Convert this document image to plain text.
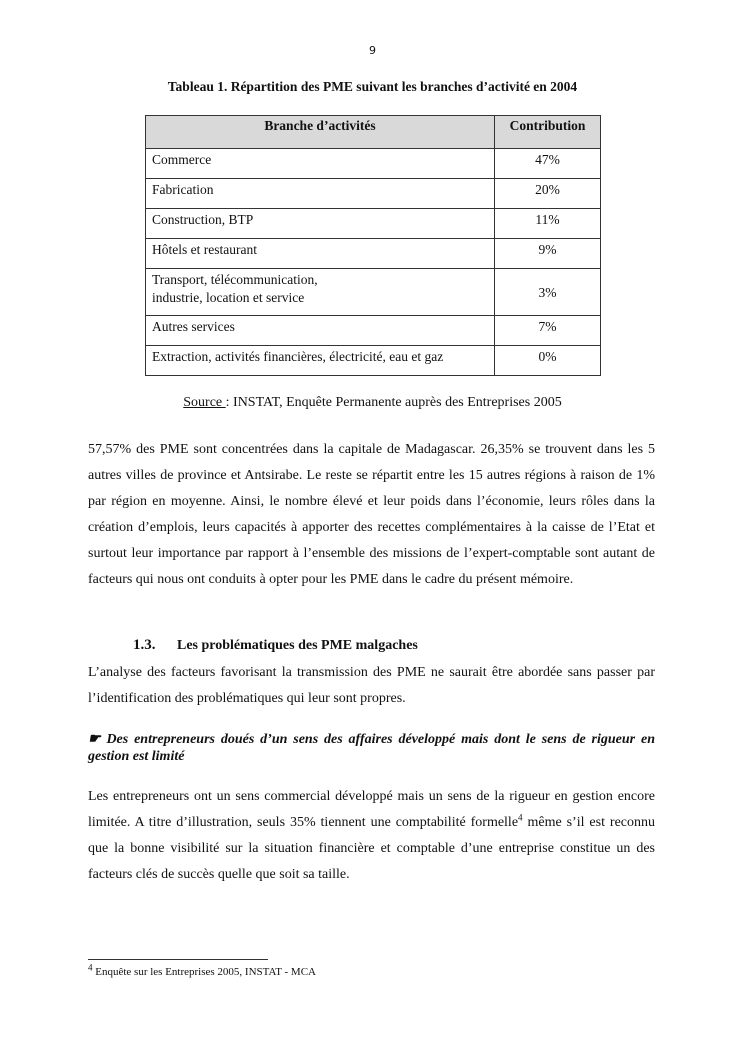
9
Tableau 1. Répartition des PME suivant les branches d’activité en 2004
Branche d’activités	Contribution
Commerce	47%
Fabrication	20%
Construction, BTP	11%
Hôtels et restaurant	9%
Transport, télécommunication, industrie, location et service	3%
Autres services	7%
Extraction, activités financières, électricité, eau et gaz	0%
Source : INSTAT, Enquête Permanente auprès des Entreprises 2005
57,57% des PME sont concentrées dans la capitale de Madagascar. 26,35% se trouvent dans les 5 autres villes de province et Antsirabe. Le reste se répartit entre les 15 autres régions à raison de 1% par région en moyenne. Ainsi, le nombre élevé et leur poids dans l’économie, leurs rôles dans la création d’emplois, leurs capacités à apporter des recettes complémentaires à la caisse de l’Etat et surtout leur importance par rapport à l’ensemble des missions de l’expert-comptable sont autant de facteurs qui nous ont conduits à opter pour les PME dans le cadre du présent mémoire.
1.3. Les problématiques des PME malgaches
L’analyse des facteurs favorisant la transmission des PME ne saurait être abordée sans passer par l’identification des problématiques qui leur sont propres.
☛ Des entrepreneurs doués d’un sens des affaires développé mais dont le sens de rigueur en gestion est limité
Les entrepreneurs ont un sens commercial développé mais un sens de la rigueur en gestion encore limitée. A titre d’illustration, seuls 35% tiennent une comptabilité formelle$^4$ même s’il est reconnu que la bonne visibilité sur la situation financière et comptable d’une entreprise constitue un des facteurs clés de succès quelle que soit sa taille.
$^4$ Enquête sur les Entreprises 2005, INSTAT - MCA
